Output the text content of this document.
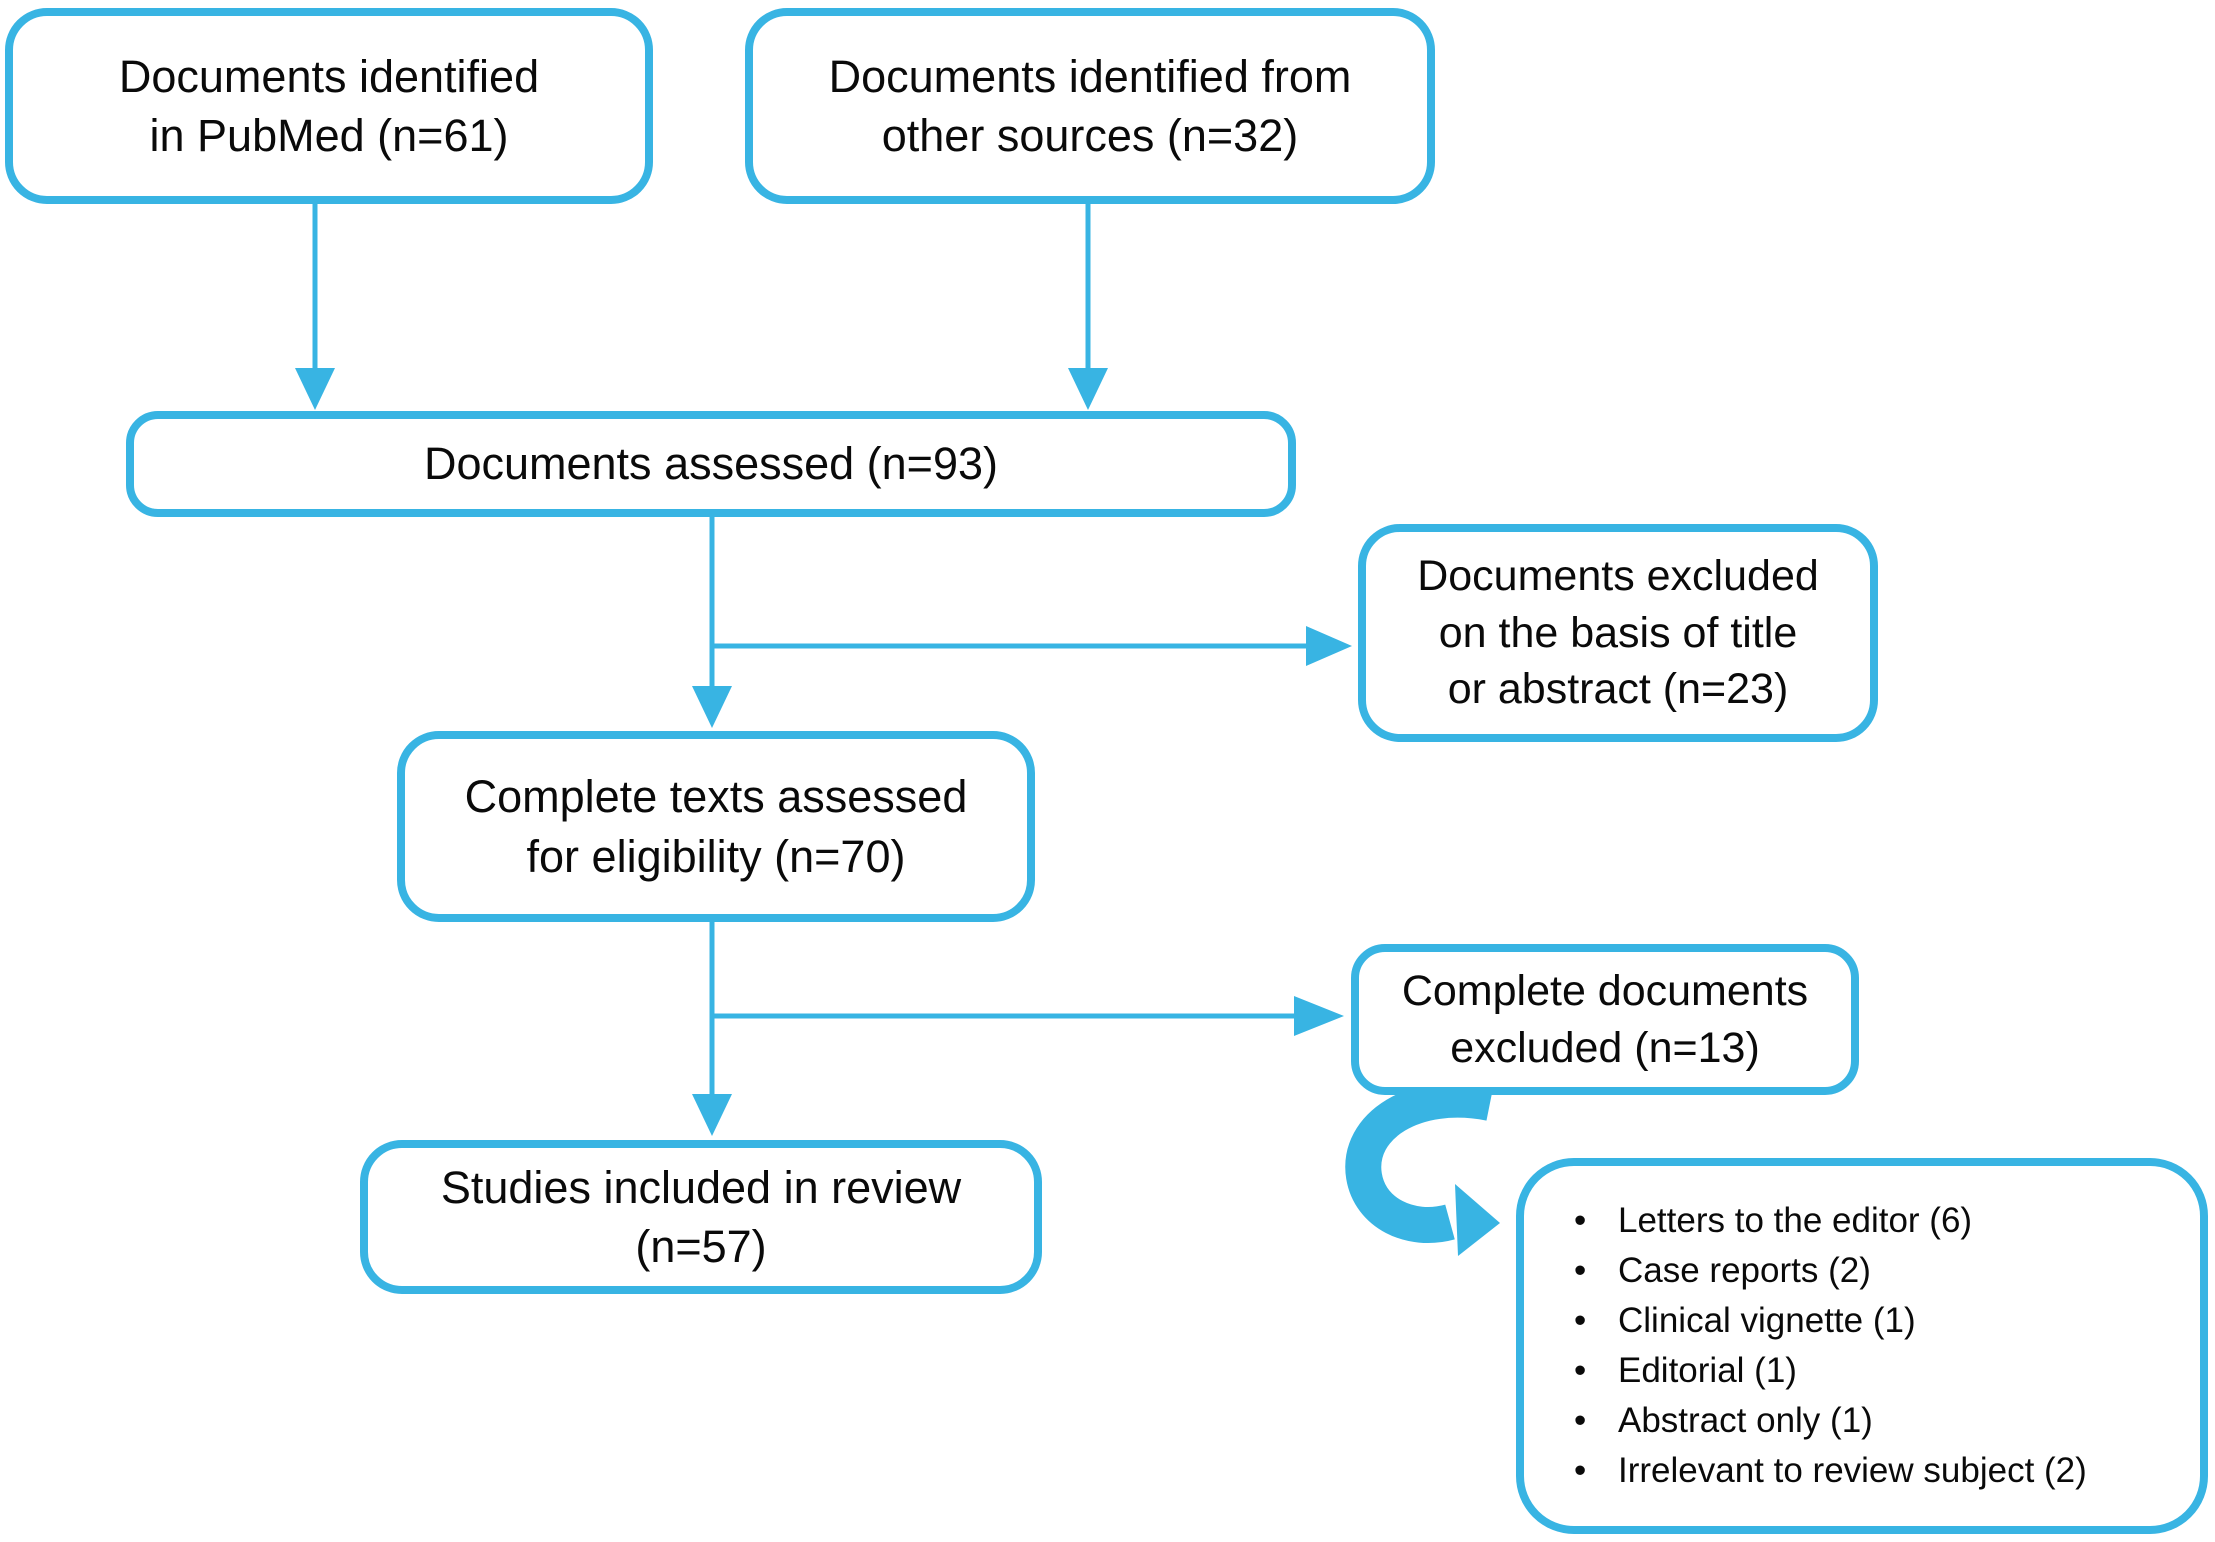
Documents identified
in PubMed (n=61)
Documents identified from
other sources (n=32)
Documents assessed (n=93)
Documents excluded
on the basis of title
or abstract (n=23)
Complete texts assessed
for eligibility (n=70)
Complete documents
excluded (n=13)
Studies included in review
(n=57)
• Letters to the editor (6)
• Case reports (2)
• Clinical vignette (1)
• Editorial (1)
• Abstract only (1)
• Irrelevant to review subject (2)
